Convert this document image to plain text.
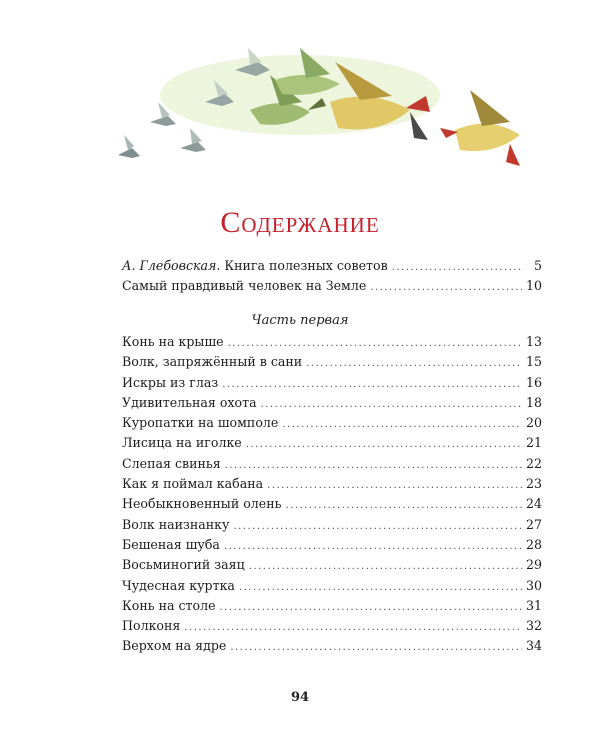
Содержание
А. Глебовская. Книга полезных советов .....	5
Самый правдивый человек на Земле .....	10
Часть первая
Конь на крыше .....	13
Волк, запряжённый в сани .....	15
Искры из глаз .....	16
Удивительная охота .....	18
Куропатки на шомполе .....	20
Лисица на иголке .....	21
Слепая свинья .....	22
Как я поймал кабана .....	23
Необыкновенный олень .....	24
Волк наизнанку .....	27
Бешеная шуба .....	28
Восьминогий заяц .....	29
Чудесная куртка .....	30
Конь на столе .....	31
Полконя .....	32
Верхом на ядре .....	34
94
